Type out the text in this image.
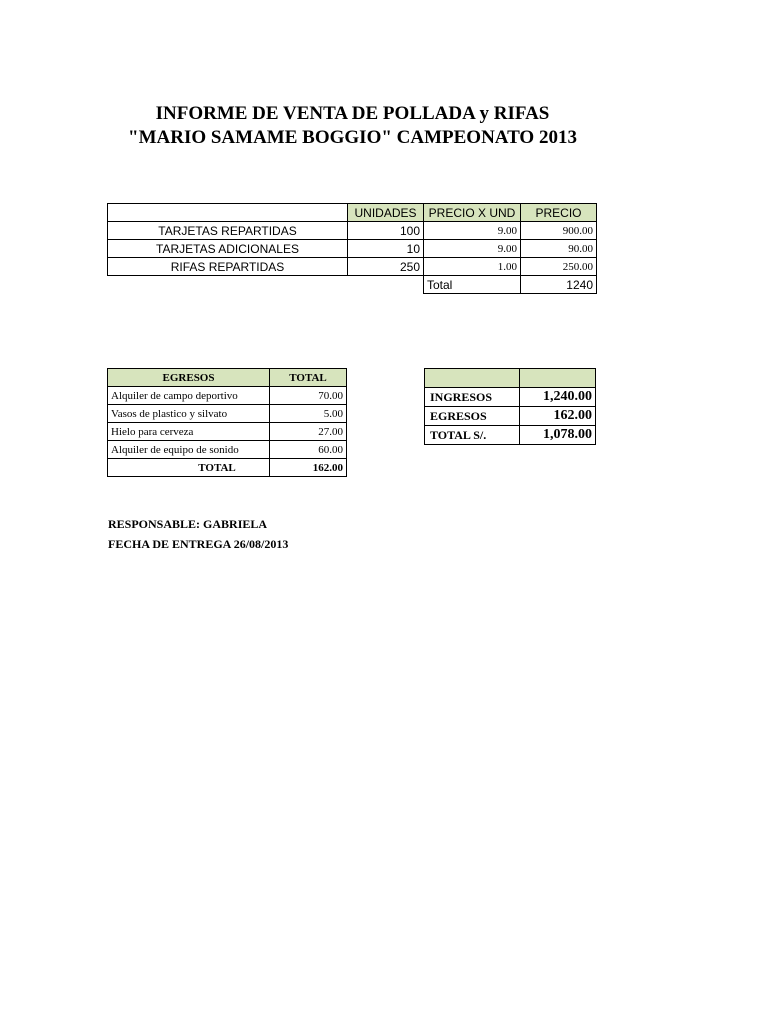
INFORME DE VENTA DE POLLADA y RIFAS
"MARIO SAMAME BOGGIO" CAMPEONATO 2013
	UNIDADES	PRECIO X UND	PRECIO
TARJETAS REPARTIDAS	100	9.00	900.00
TARJETAS ADICIONALES	10	9.00	90.00
RIFAS REPARTIDAS	250	1.00	250.00
		Total	1240
EGRESOS	TOTAL
Alquiler de campo deportivo	70.00
Vasos de plastico y silvato	5.00
Hielo para cerveza	27.00
Alquiler de equipo de sonido	60.00
TOTAL	162.00

INGRESOS	1,240.00
EGRESOS	162.00
TOTAL S/.	1,078.00
RESPONSABLE: GABRIELA
FECHA DE ENTREGA 26/08/2013
